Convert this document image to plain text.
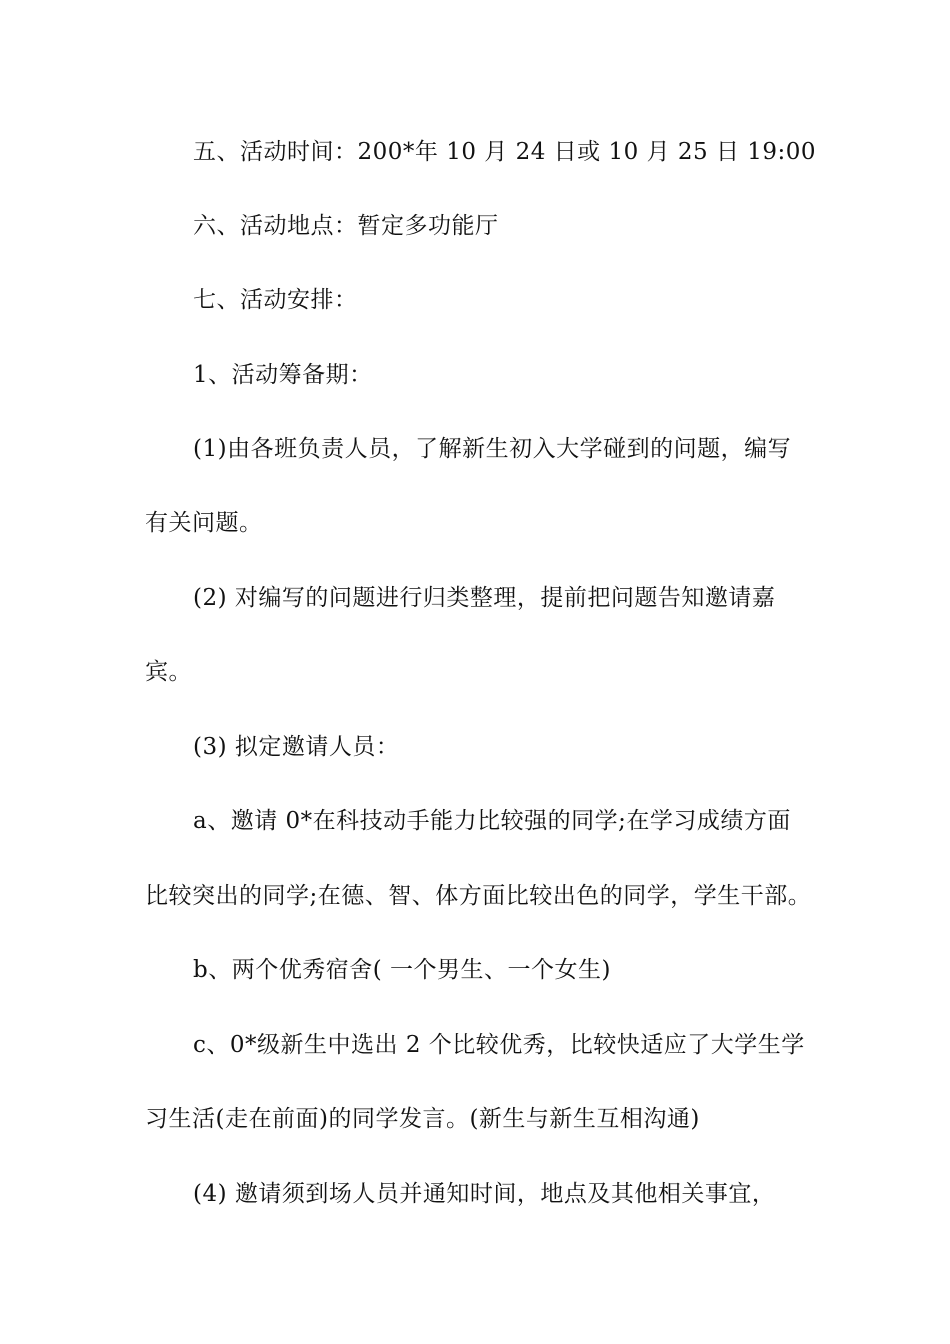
五、活动时间：200*年 10 月 24 日或 10 月 25 日 19:00
六、活动地点：暂定多功能厅
七、活动安排：
1、活动筹备期：
(1)由各班负责人员，了解新生初入大学碰到的问题，编写
有关问题。
(2) 对编写的问题进行归类整理，提前把问题告知邀请嘉
宾。
(3) 拟定邀请人员：
a、邀请 0*在科技动手能力比较强的同学;在学习成绩方面
比较突出的同学;在德、智、体方面比较出色的同学，学生干部。
b、两个优秀宿舍( 一个男生、一个女生)
c、0*级新生中选出 2 个比较优秀，比较快适应了大学生学
习生活(走在前面)的同学发言。(新生与新生互相沟通)
(4) 邀请须到场人员并通知时间，地点及其他相关事宜，
